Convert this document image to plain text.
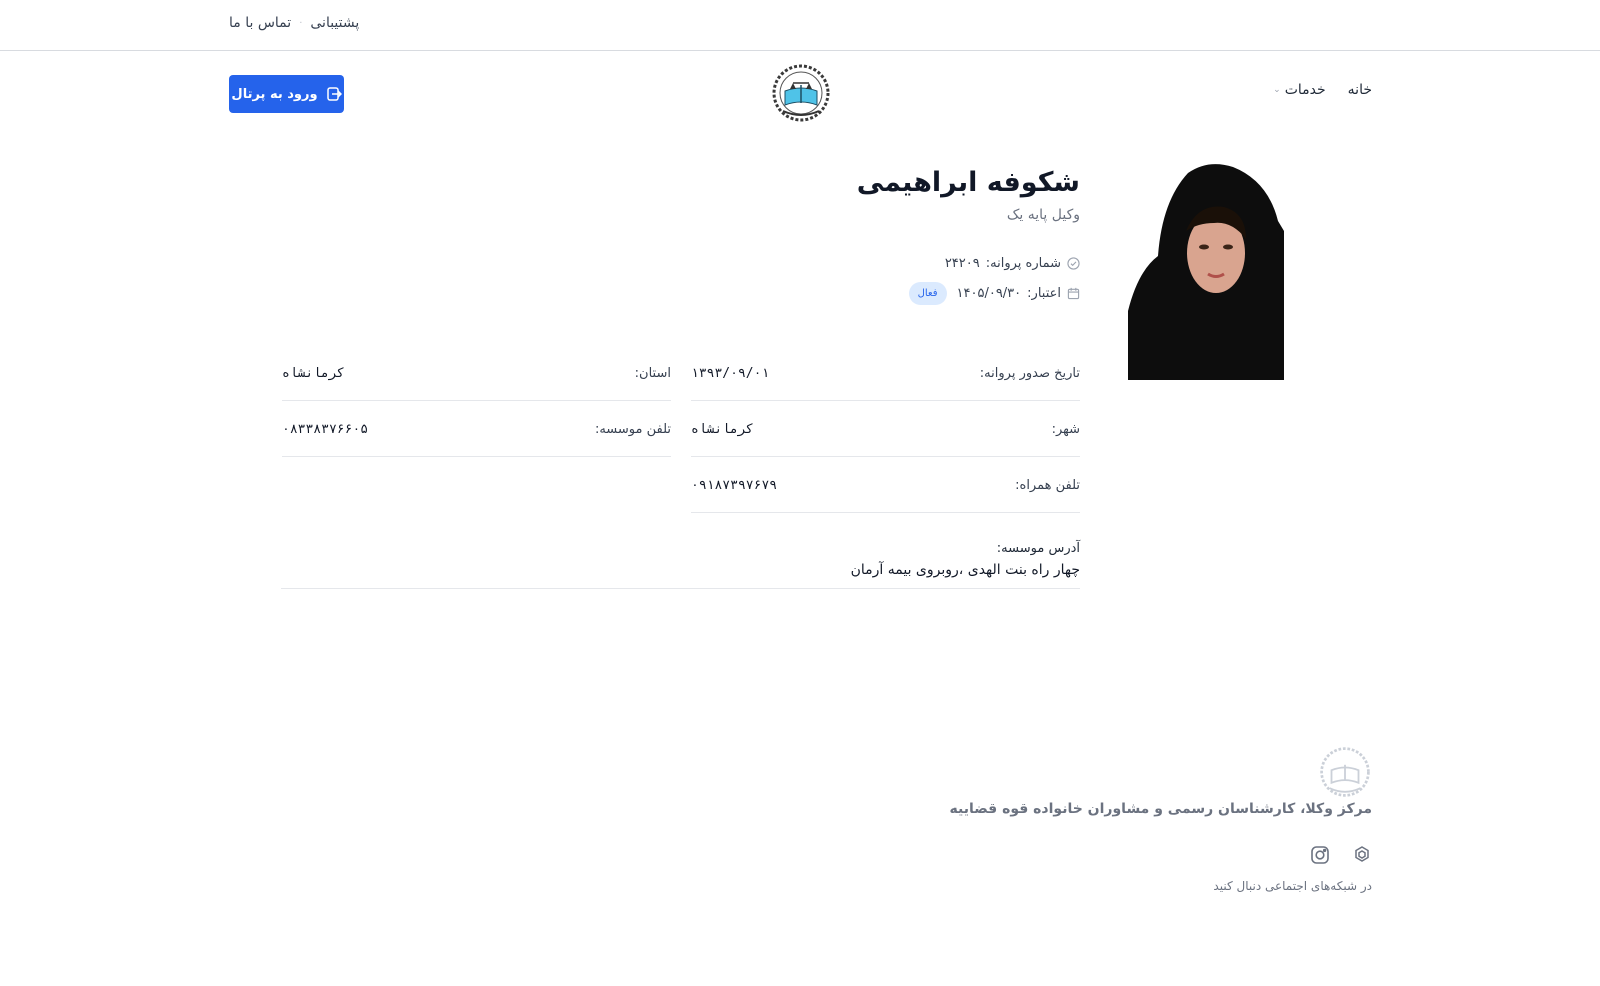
پشتیبانی
·
تماس با ما
ورود به پرتال	خانه
خدمات
⌄
شکوفه ابراهیمی
وکیل پایه یک
شماره پروانه:
۲۴۲۰۹
اعتبار:
۱۴۰۵/۰۹/۳۰
فعال
تاریخ صدور پروانه:
۱۳۹۳/۰۹/۰۱
استان:
کرمانشاه
شهر:
کرمانشاه
تلفن موسسه:
۰۸۳۳۸۳۷۶۶۰۵
تلفن همراه:
۰۹۱۸۷۳۹۷۶۷۹
آدرس موسسه:
چهار راه بنت الهدی ،روبروی بیمه آرمان
مرکز وکلا، کارشناسان رسمی و مشاوران خانواده قوه قضاییه
در شبکه‌های اجتماعی دنبال کنید
